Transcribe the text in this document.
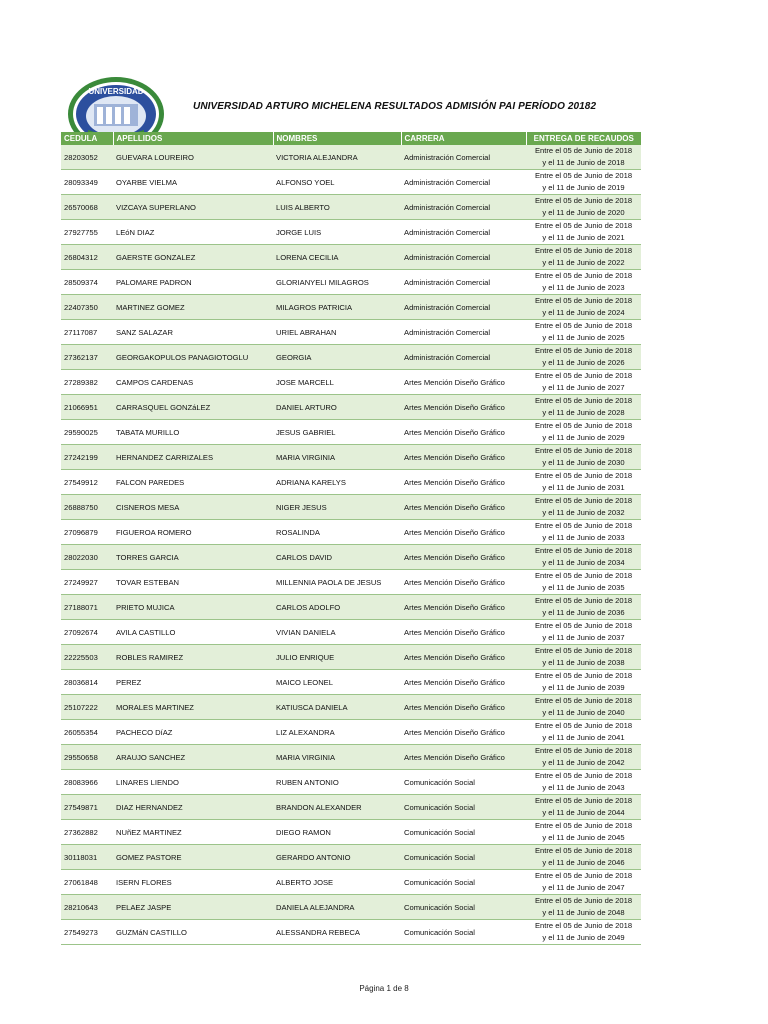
UNIVERSIDAD
UNIVERSIDAD ARTURO MICHELENA RESULTADOS ADMISIÓN PAI PERÍODO 20182
CEDULA	APELLIDOS	NOMBRES	CARRERA	ENTREGA DE RECAUDOS
28203052	GUEVARA LOUREIRO	VICTORIA ALEJANDRA	Administración Comercial	Entre el 05 de Junio de 2018
y el 11 de Junio de 2018

28093349	OYARBE VIELMA	ALFONSO YOEL	Administración Comercial	Entre el 05 de Junio de 2018
y el 11 de Junio de 2019

26570068	VIZCAYA SUPERLANO	LUIS ALBERTO	Administración Comercial	Entre el 05 de Junio de 2018
y el 11 de Junio de 2020

27927755	LEóN DIAZ	JORGE LUIS	Administración Comercial	Entre el 05 de Junio de 2018
y el 11 de Junio de 2021

26804312	GAERSTE GONZALEZ	LORENA CECILIA	Administración Comercial	Entre el 05 de Junio de 2018
y el 11 de Junio de 2022

28509374	PALOMARE PADRON	GLORIANYELI MILAGROS	Administración Comercial	Entre el 05 de Junio de 2018
y el 11 de Junio de 2023

22407350	MARTINEZ GOMEZ	MILAGROS PATRICIA	Administración Comercial	Entre el 05 de Junio de 2018
y el 11 de Junio de 2024

27117087	SANZ SALAZAR	URIEL ABRAHAN	Administración Comercial	Entre el 05 de Junio de 2018
y el 11 de Junio de 2025

27362137	GEORGAKOPULOS PANAGIOTOGLU	GEORGIA	Administración Comercial	Entre el 05 de Junio de 2018
y el 11 de Junio de 2026

27289382	CAMPOS CARDENAS	JOSE MARCELL	Artes Mención Diseño Gráfico	Entre el 05 de Junio de 2018
y el 11 de Junio de 2027

21066951	CARRASQUEL GONZáLEZ	DANIEL ARTURO	Artes Mención Diseño Gráfico	Entre el 05 de Junio de 2018
y el 11 de Junio de 2028

29590025	TABATA MURILLO	JESUS GABRIEL	Artes Mención Diseño Gráfico	Entre el 05 de Junio de 2018
y el 11 de Junio de 2029

27242199	HERNANDEZ CARRIZALES	MARIA VIRGINIA	Artes Mención Diseño Gráfico	Entre el 05 de Junio de 2018
y el 11 de Junio de 2030

27549912	FALCON PAREDES	ADRIANA KARELYS	Artes Mención Diseño Gráfico	Entre el 05 de Junio de 2018
y el 11 de Junio de 2031

26888750	CISNEROS MESA	NIGER JESUS	Artes Mención Diseño Gráfico	Entre el 05 de Junio de 2018
y el 11 de Junio de 2032

27096879	FIGUEROA ROMERO	ROSALINDA	Artes Mención Diseño Gráfico	Entre el 05 de Junio de 2018
y el 11 de Junio de 2033

28022030	TORRES GARCIA	CARLOS DAVID	Artes Mención Diseño Gráfico	Entre el 05 de Junio de 2018
y el 11 de Junio de 2034

27249927	TOVAR ESTEBAN	MILLENNIA PAOLA DE JESUS	Artes Mención Diseño Gráfico	Entre el 05 de Junio de 2018
y el 11 de Junio de 2035

27188071	PRIETO MUJICA	CARLOS ADOLFO	Artes Mención Diseño Gráfico	Entre el 05 de Junio de 2018
y el 11 de Junio de 2036

27092674	AVILA CASTILLO	VIVIAN DANIELA	Artes Mención Diseño Gráfico	Entre el 05 de Junio de 2018
y el 11 de Junio de 2037

22225503	ROBLES RAMIREZ	JULIO ENRIQUE	Artes Mención Diseño Gráfico	Entre el 05 de Junio de 2018
y el 11 de Junio de 2038

28036814	PEREZ	MAICO LEONEL	Artes Mención Diseño Gráfico	Entre el 05 de Junio de 2018
y el 11 de Junio de 2039

25107222	MORALES MARTINEZ	KATIUSCA DANIELA	Artes Mención Diseño Gráfico	Entre el 05 de Junio de 2018
y el 11 de Junio de 2040

26055354	PACHECO DíAZ	LIZ ALEXANDRA	Artes Mención Diseño Gráfico	Entre el 05 de Junio de 2018
y el 11 de Junio de 2041

29550658	ARAUJO SANCHEZ	MARIA VIRGINIA	Artes Mención Diseño Gráfico	Entre el 05 de Junio de 2018
y el 11 de Junio de 2042

28083966	LINARES LIENDO	RUBEN ANTONIO	Comunicación Social	Entre el 05 de Junio de 2018
y el 11 de Junio de 2043

27549871	DIAZ HERNANDEZ	BRANDON ALEXANDER	Comunicación Social	Entre el 05 de Junio de 2018
y el 11 de Junio de 2044

27362882	NUñEZ MARTINEZ	DIEGO RAMON	Comunicación Social	Entre el 05 de Junio de 2018
y el 11 de Junio de 2045

30118031	GOMEZ PASTORE	GERARDO ANTONIO	Comunicación Social	Entre el 05 de Junio de 2018
y el 11 de Junio de 2046

27061848	ISERN FLORES	ALBERTO JOSE	Comunicación Social	Entre el 05 de Junio de 2018
y el 11 de Junio de 2047

28210643	PELAEZ JASPE	DANIELA ALEJANDRA	Comunicación Social	Entre el 05 de Junio de 2018
y el 11 de Junio de 2048

27549273	GUZMáN CASTILLO	ALESSANDRA REBECA	Comunicación Social	Entre el 05 de Junio de 2018
y el 11 de Junio de 2049
Página 1 de 8
